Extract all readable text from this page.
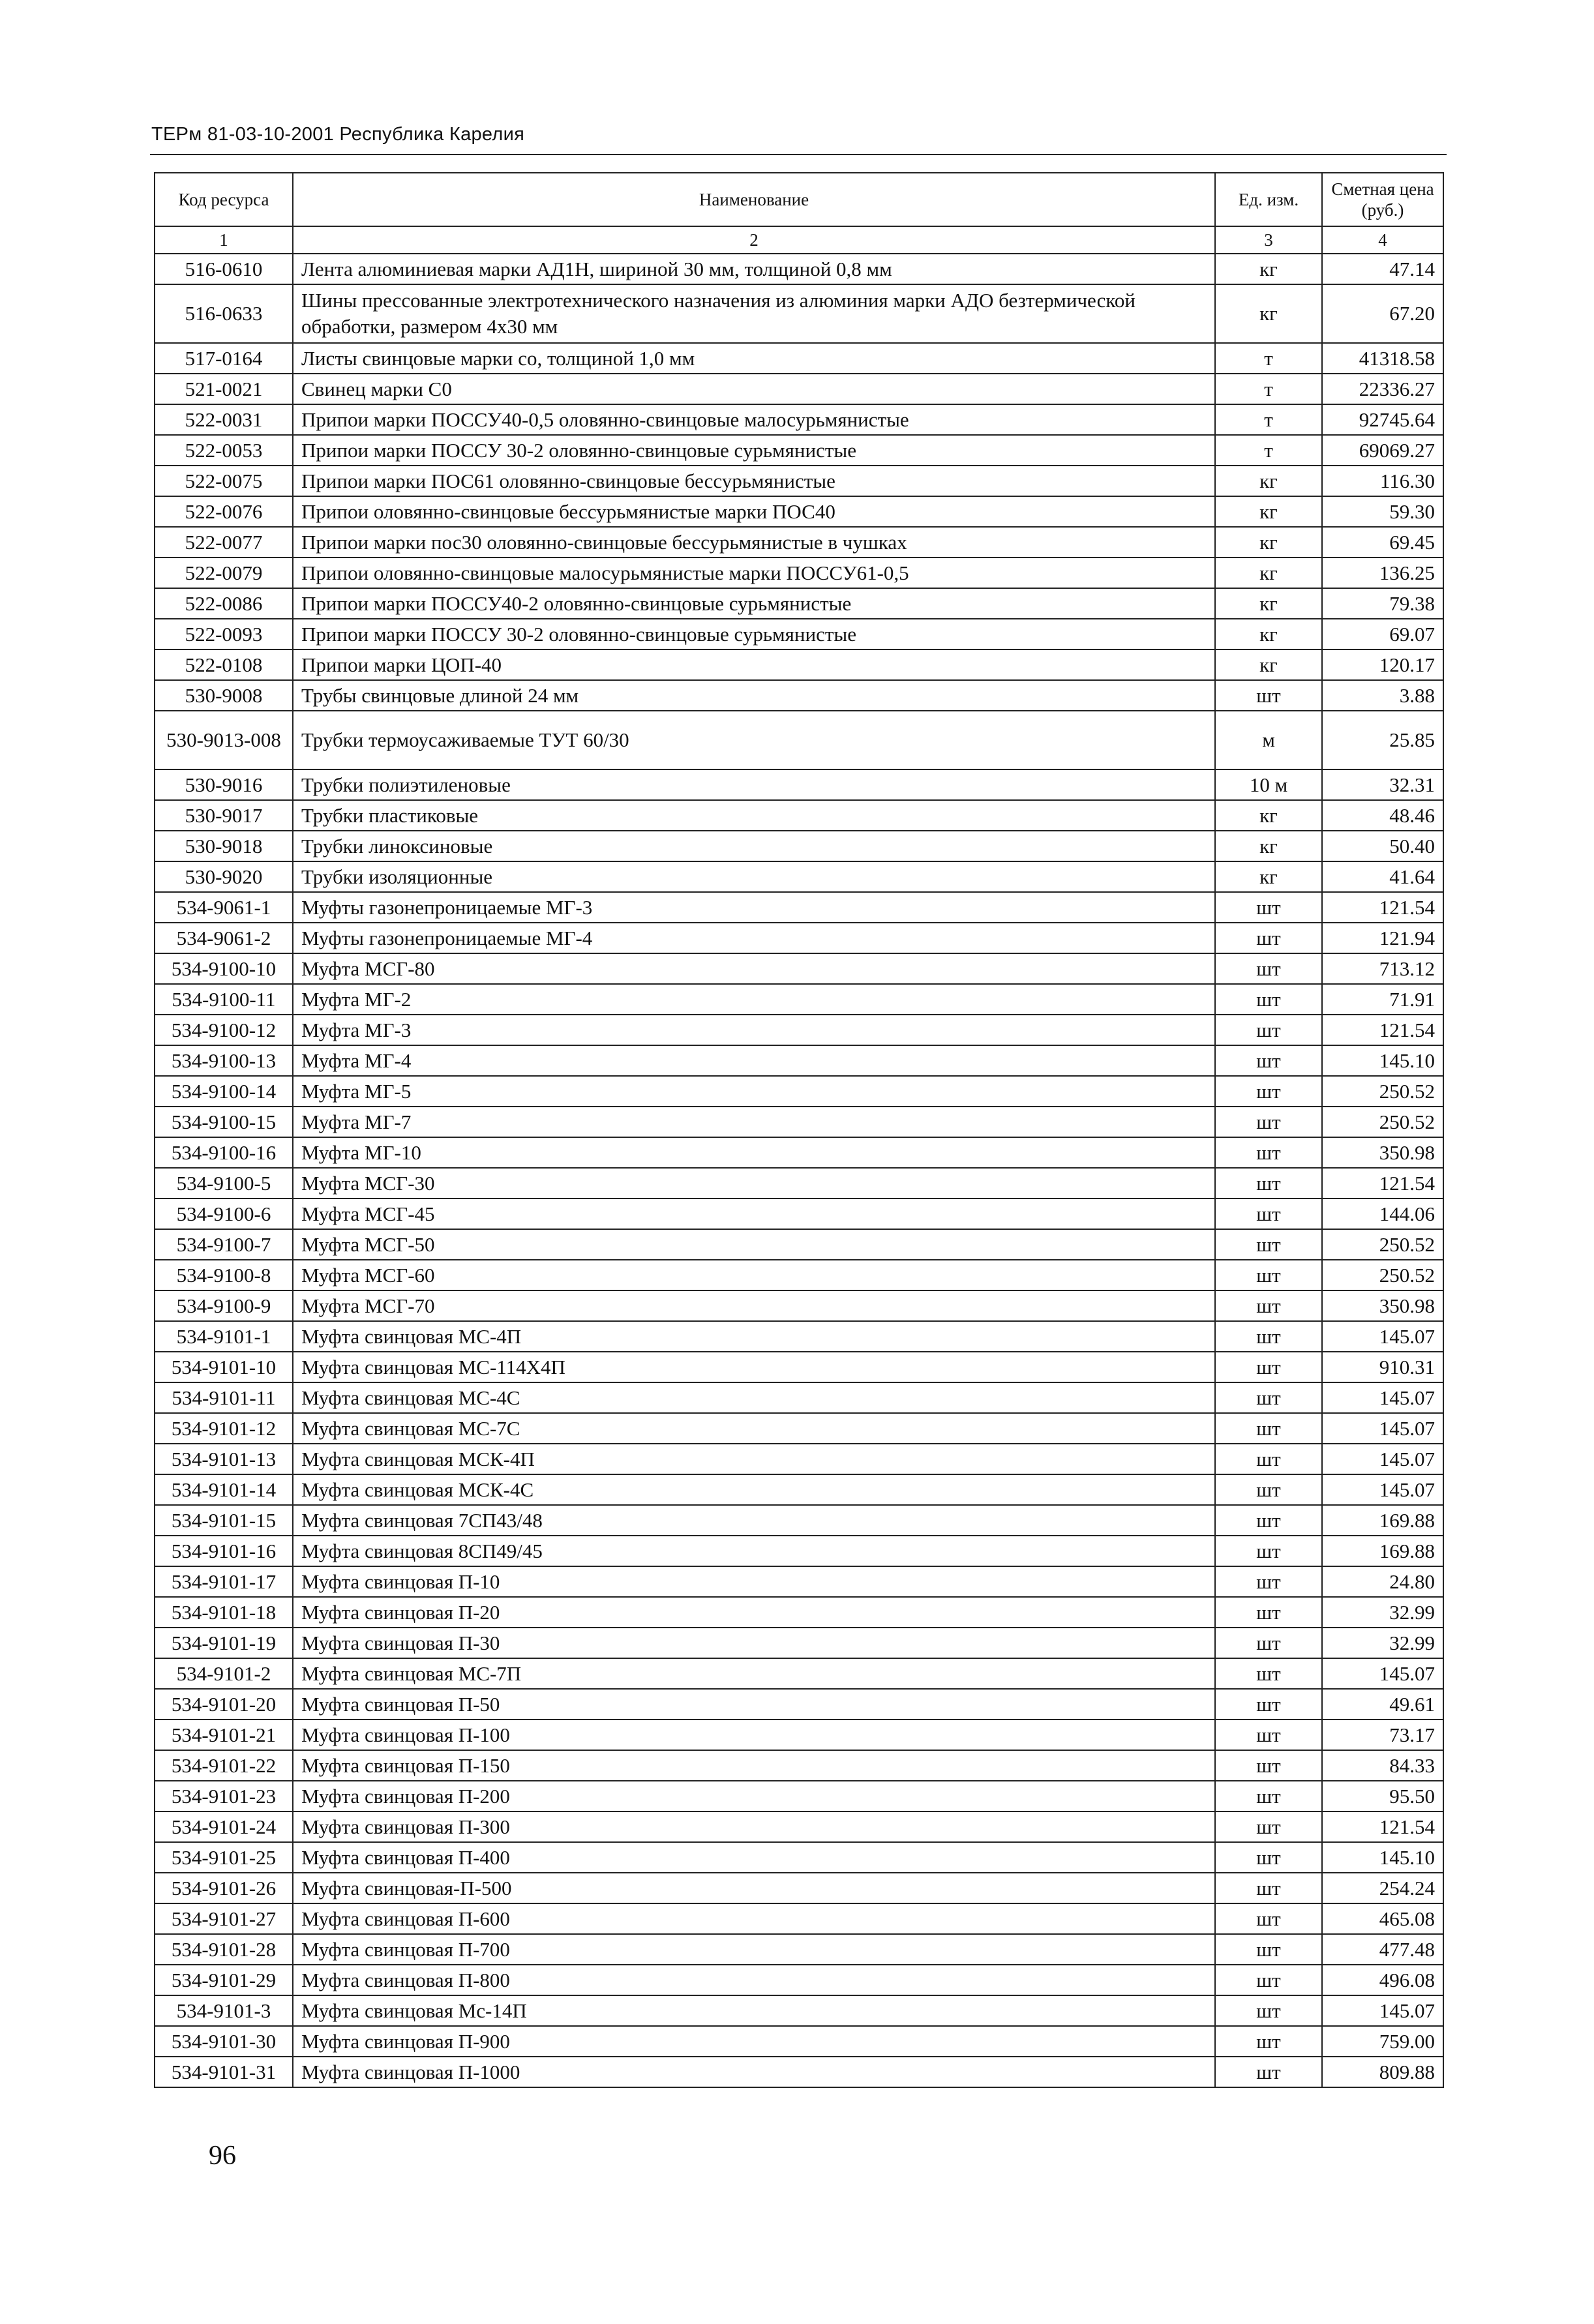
ТЕРм 81-03-10-2001 Республика Карелия
Код ресурса	Наименование	Ед. изм.	Сметная цена (руб.)
1	2	3	4
516-0610	Лента алюминиевая марки АД1Н, шириной 30 мм, толщиной 0,8 мм	кг	47.14
516-0633	Шины прессованные электротехнического назначения из алюминия марки АДО безтермической обработки, размером 4х30 мм	кг	67.20
517-0164	Листы свинцовые марки со, толщиной 1,0 мм	т	41318.58
521-0021	Свинец марки С0	т	22336.27
522-0031	Припои марки ПОССУ40-0,5 оловянно-свинцовые малосурьмянистые	т	92745.64
522-0053	Припои марки ПОССУ 30-2 оловянно-свинцовые сурьмянистые	т	69069.27
522-0075	Припои марки ПОС61 оловянно-свинцовые бессурьмянистые	кг	116.30
522-0076	Припои оловянно-свинцовые бессурьмянистые марки ПОС40	кг	59.30
522-0077	Припои марки пос30 оловянно-свинцовые бессурьмянистые в чушках	кг	69.45
522-0079	Припои оловянно-свинцовые малосурьмянистые марки ПОССУ61-0,5	кг	136.25
522-0086	Припои марки ПОССУ40-2 оловянно-свинцовые сурьмянистые	кг	79.38
522-0093	Припои марки ПОССУ 30-2 оловянно-свинцовые сурьмянистые	кг	69.07
522-0108	Припои марки ЦОП-40	кг	120.17
530-9008	Трубы свинцовые длиной 24 мм	шт	3.88
530-9013-008	Трубки термоусаживаемые ТУТ 60/30	м	25.85
530-9016	Трубки полиэтиленовые	10 м	32.31
530-9017	Трубки пластиковые	кг	48.46
530-9018	Трубки линоксиновые	кг	50.40
530-9020	Трубки изоляционные	кг	41.64
534-9061-1	Муфты газонепроницаемые МГ-3	шт	121.54
534-9061-2	Муфты газонепроницаемые МГ-4	шт	121.94
534-9100-10	Муфта МСГ-80	шт	713.12
534-9100-11	Муфта МГ-2	шт	71.91
534-9100-12	Муфта МГ-3	шт	121.54
534-9100-13	Муфта МГ-4	шт	145.10
534-9100-14	Муфта МГ-5	шт	250.52
534-9100-15	Муфта МГ-7	шт	250.52
534-9100-16	Муфта МГ-10	шт	350.98
534-9100-5	Муфта МСГ-30	шт	121.54
534-9100-6	Муфта МСГ-45	шт	144.06
534-9100-7	Муфта МСГ-50	шт	250.52
534-9100-8	Муфта МСГ-60	шт	250.52
534-9100-9	Муфта МСГ-70	шт	350.98
534-9101-1	Муфта свинцовая МС-4П	шт	145.07
534-9101-10	Муфта свинцовая МС-114Х4П	шт	910.31
534-9101-11	Муфта свинцовая МС-4С	шт	145.07
534-9101-12	Муфта свинцовая МС-7С	шт	145.07
534-9101-13	Муфта свинцовая МСК-4П	шт	145.07
534-9101-14	Муфта свинцовая МСК-4С	шт	145.07
534-9101-15	Муфта свинцовая 7СП43/48	шт	169.88
534-9101-16	Муфта свинцовая 8СП49/45	шт	169.88
534-9101-17	Муфта свинцовая П-10	шт	24.80
534-9101-18	Муфта свинцовая П-20	шт	32.99
534-9101-19	Муфта свинцовая П-30	шт	32.99
534-9101-2	Муфта свинцовая МС-7П	шт	145.07
534-9101-20	Муфта свинцовая П-50	шт	49.61
534-9101-21	Муфта свинцовая П-100	шт	73.17
534-9101-22	Муфта свинцовая П-150	шт	84.33
534-9101-23	Муфта свинцовая П-200	шт	95.50
534-9101-24	Муфта свинцовая П-300	шт	121.54
534-9101-25	Муфта свинцовая П-400	шт	145.10
534-9101-26	Муфта свинцовая-П-500	шт	254.24
534-9101-27	Муфта свинцовая П-600	шт	465.08
534-9101-28	Муфта свинцовая П-700	шт	477.48
534-9101-29	Муфта свинцовая П-800	шт	496.08
534-9101-3	Муфта свинцовая Мс-14П	шт	145.07
534-9101-30	Муфта свинцовая П-900	шт	759.00
534-9101-31	Муфта свинцовая П-1000	шт	809.88
96
